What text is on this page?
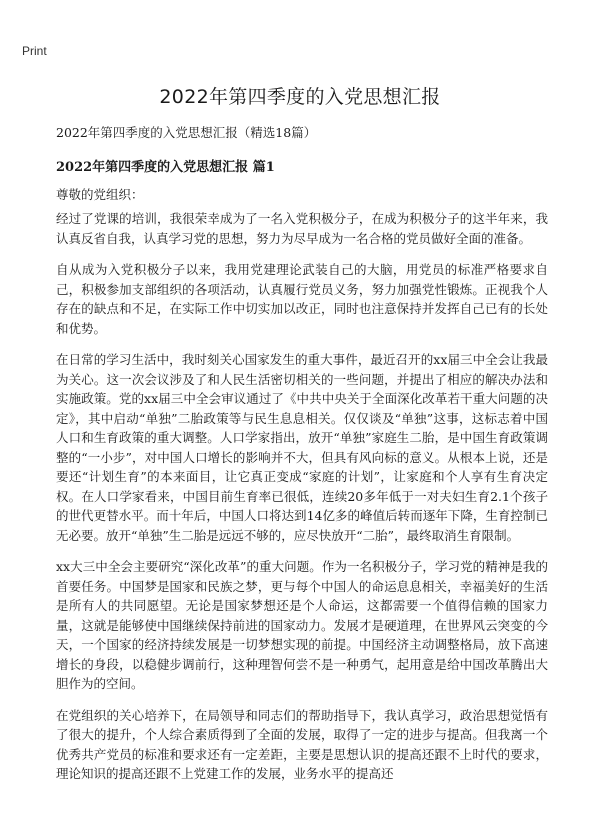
Print
2022年第四季度的入党思想汇报

2022年第四季度的入党思想汇报（精选18篇）

2022年第四季度的入党思想汇报 篇1

尊敬的党组织：

经过了党课的培训，我很荣幸成为了一名入党积极分子，在成为积极分子的这半年来，我认真反省自我，认真学习党的思想，努力为尽早成为一名合格的党员做好全面的准备。

自从成为入党积极分子以来，我用党建理论武装自己的大脑，用党员的标准严格要求自己，积极参加支部组织的各项活动，认真履行党员义务，努力加强党性锻炼。正视我个人存在的缺点和不足，在实际工作中切实加以改正，同时也注意保持并发挥自己已有的长处和优势。

在日常的学习生活中，我时刻关心国家发生的重大事件，最近召开的xx届三中全会让我最为关心。这一次会议涉及了和人民生活密切相关的一些问题，并提出了相应的解决办法和实施政策。党的xx届三中全会审议通过了《中共中央关于全面深化改革若干重大问题的决定》，其中启动“单独”二胎政策等与民生息息相关。仅仅谈及“单独”这事，这标志着中国人口和生育政策的重大调整。人口学家指出，放开“单独”家庭生二胎，是中国生育政策调整的“一小步”，对中国人口增长的影响并不大，但具有风向标的意义。从根本上说，还是要还“计划生育”的本来面目，让它真正变成“家庭的计划”，让家庭和个人享有生育决定权。在人口学家看来，中国目前生育率已很低，连续20多年低于一对夫妇生育2.1个孩子的世代更替水平。而十年后，中国人口将达到14亿多的峰值后转而逐年下降，生育控制已无必要。放开“单独”生二胎是远远不够的，应尽快放开“二胎”，最终取消生育限制。

xx大三中全会主要研究“深化改革”的重大问题。作为一名积极分子，学习党的精神是我的首要任务。中国梦是国家和民族之梦，更与每个中国人的命运息息相关，幸福美好的生活是所有人的共同愿望。无论是国家梦想还是个人命运，这都需要一个值得信赖的国家力量，这就是能够使中国继续保持前进的国家动力。发展才是硬道理，在世界风云突变的今天，一个国家的经济持续发展是一切梦想实现的前提。中国经济主动调整格局，放下高速增长的身段，以稳健步调前行，这种理智何尝不是一种勇气，起用意是给中国改革腾出大胆作为的空间。

在党组织的关心培养下，在局领导和同志们的帮助指导下，我认真学习，政治思想觉悟有了很大的提升，个人综合素质得到了全面的发展，取得了一定的进步与提高。但我离一个优秀共产党员的标准和要求还有一定差距，主要是思想认识的提高还跟不上时代的要求，理论知识的提高还跟不上党建工作的发展，业务水平的提高还
